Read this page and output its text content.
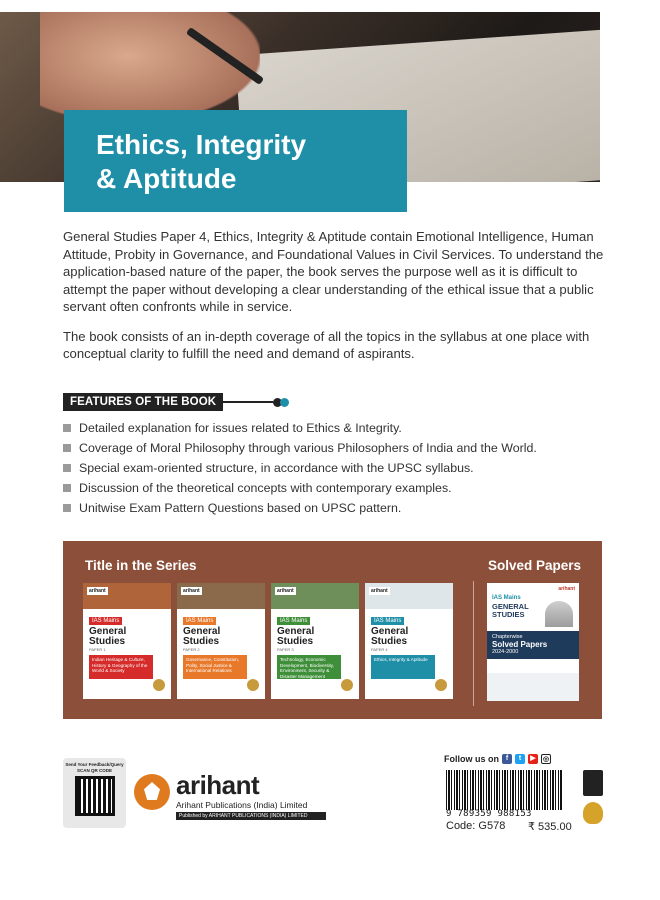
Ethics, Integrity
& Aptitude

General Studies Paper 4, Ethics, Integrity & Aptitude contain Emotional Intelligence, Human Attitude, Probity in Governance, and Foundational Values in Civil Services. To understand the application-based nature of the paper, the book serves the purpose well as it is difficult to attempt the paper without developing a clear understanding of the ethical issue that a public servant often confronts while in service.

The book consists of an in-depth coverage of all the topics in the syllabus at one place with conceptual clarity to fulfill the need and demand of aspirants.

FEATURES OF THE BOOK
Detailed explanation for issues related to Ethics & Integrity.
Coverage of Moral Philosophy through various Philosophers of India and the World.
Special exam-oriented structure, in accordance with the UPSC syllabus.
Discussion of the theoretical concepts with contemporary examples.
Unitwise Exam Pattern Questions based on UPSC pattern.
Title in the Series	Solved Papers
arihant
IAS Mains
General
Studies
PAPER 1
Indian Heritage & Culture, History & Geography of the World & Society
arihant
IAS Mains
General
Studies
PAPER 2
Governance, Constitution, Polity, Social Justice & International Relations
arihant
IAS Mains
General
Studies
PAPER 3
Technology, Economic Development, Biodiversity, Environment, Security & Disaster Management
arihant
IAS Mains
General
Studies
PAPER 4
Ethics, Integrity & Aptitude
arihant
IAS Mains
GENERAL
STUDIES
Chapterwise
Solved Papers
2024-2000
Send Your Feedback/Query
SCAN QR CODE	arihant
Arihant Publications (India) Limited
Published by ARIHANT PUBLICATIONS (INDIA) LIMITED
Follow us on f	t	▶	◎
9 789359 988153
Code: G578 ₹ 535.00
